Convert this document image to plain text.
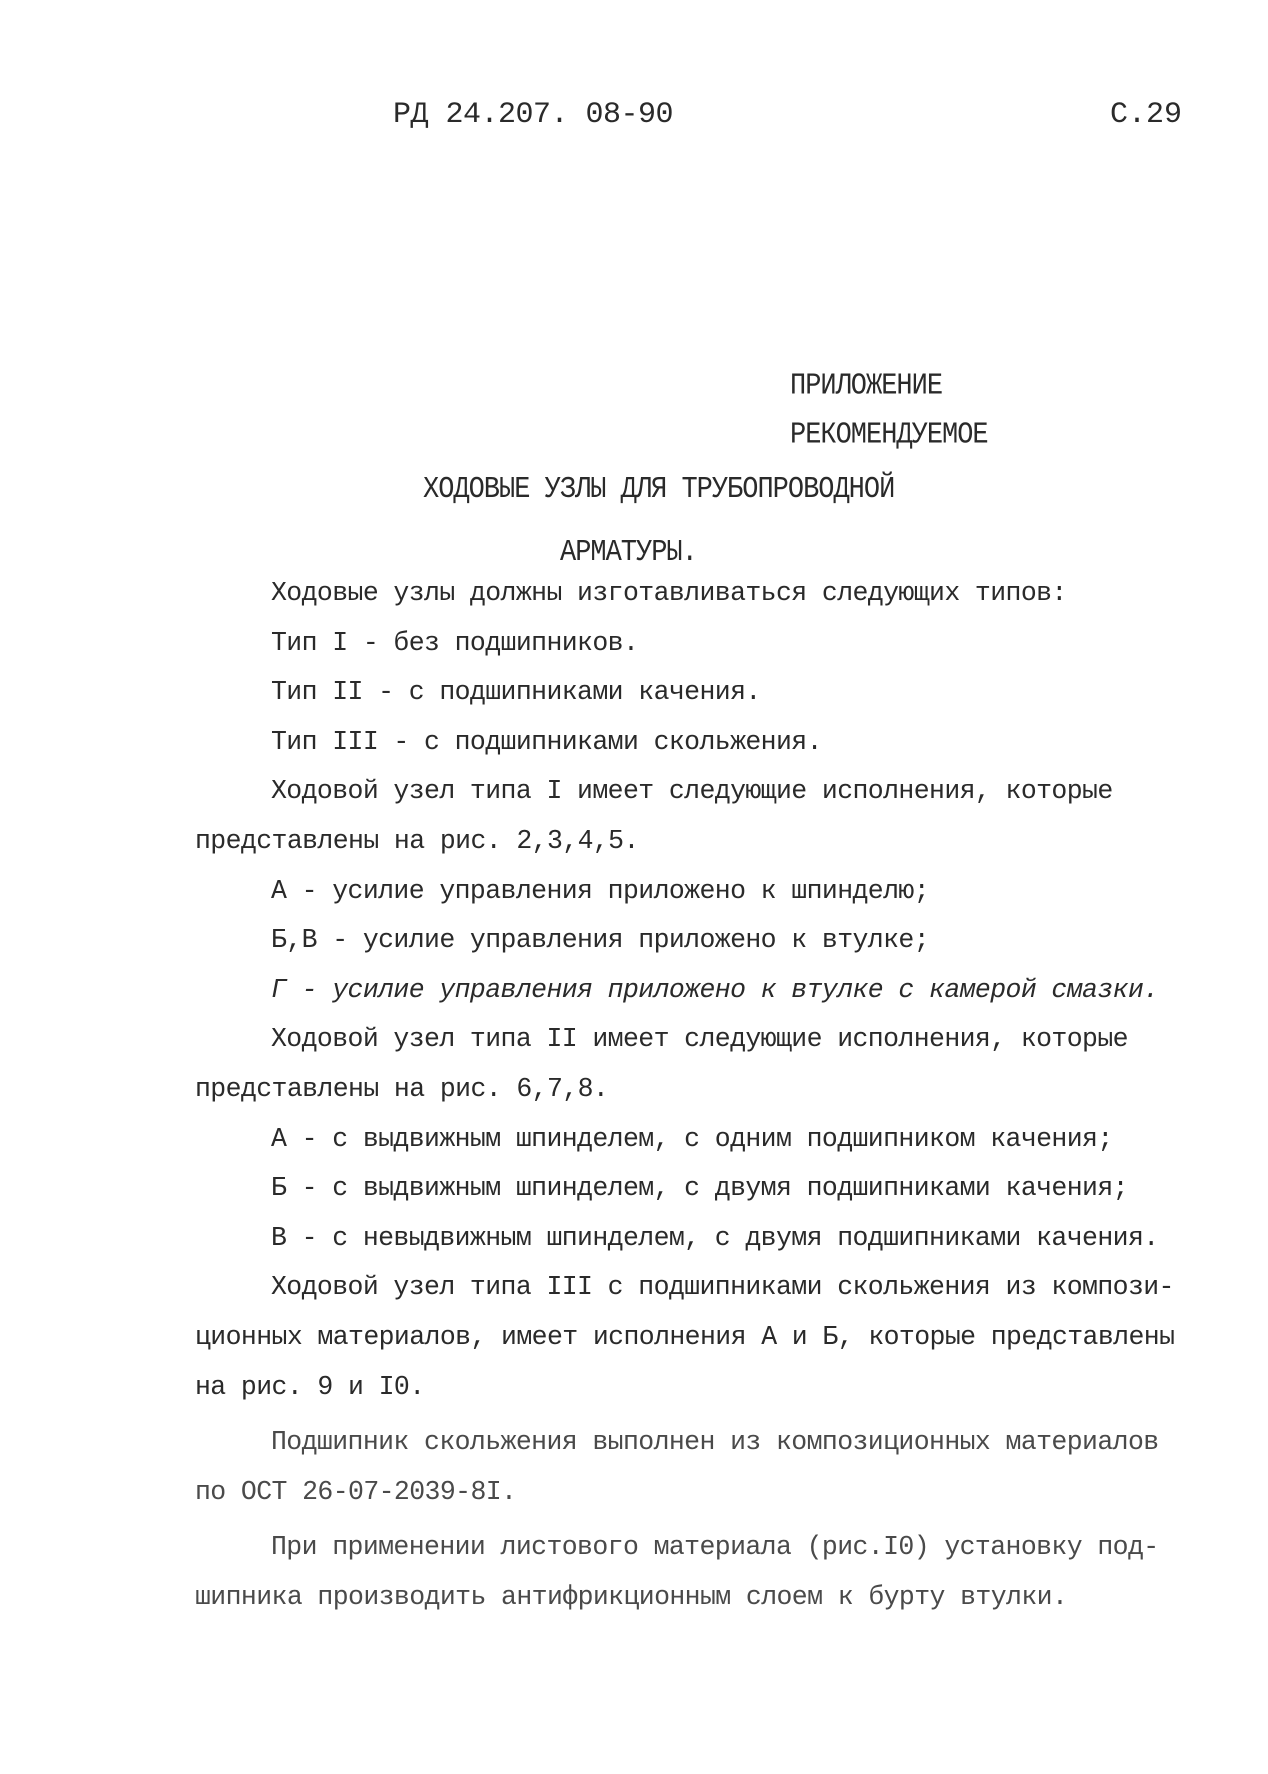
РД 24.207. 08-90	С.29
ПРИЛОЖЕНИЕ
РЕКОМЕНДУЕМОЕ
ХОДОВЫЕ УЗЛЫ ДЛЯ ТРУБОПРОВОДНОЙ
АРМАТУРЫ.
Ходовые узлы должны изготавливаться следующих типов:
Тип I - без подшипников.
Тип II - с подшипниками качения.
Тип III - с подшипниками скольжения.
Ходовой узел типа I имеет следующие исполнения, которые
представлены на рис. 2,3,4,5.
А - усилие управления приложено к шпинделю;
Б,В - усилие управления приложено к втулке;
Г - усилие управления приложено к втулке с камерой смазки.
Ходовой узел типа II имеет следующие исполнения, которые
представлены на рис. 6,7,8.
А - с выдвижным шпинделем, с одним подшипником качения;
Б - с выдвижным шпинделем, с двумя подшипниками качения;
В - с невыдвижным шпинделем, с двумя подшипниками качения.
Ходовой узел типа III с подшипниками скольжения из компози-
ционных материалов, имеет исполнения А и Б, которые представлены
на рис. 9 и I0.
Подшипник скольжения выполнен из композиционных материалов
по ОСТ 26-07-2039-8I.
При применении листового материала (рис.I0) установку под-
шипника производить антифрикционным слоем к бурту втулки.
